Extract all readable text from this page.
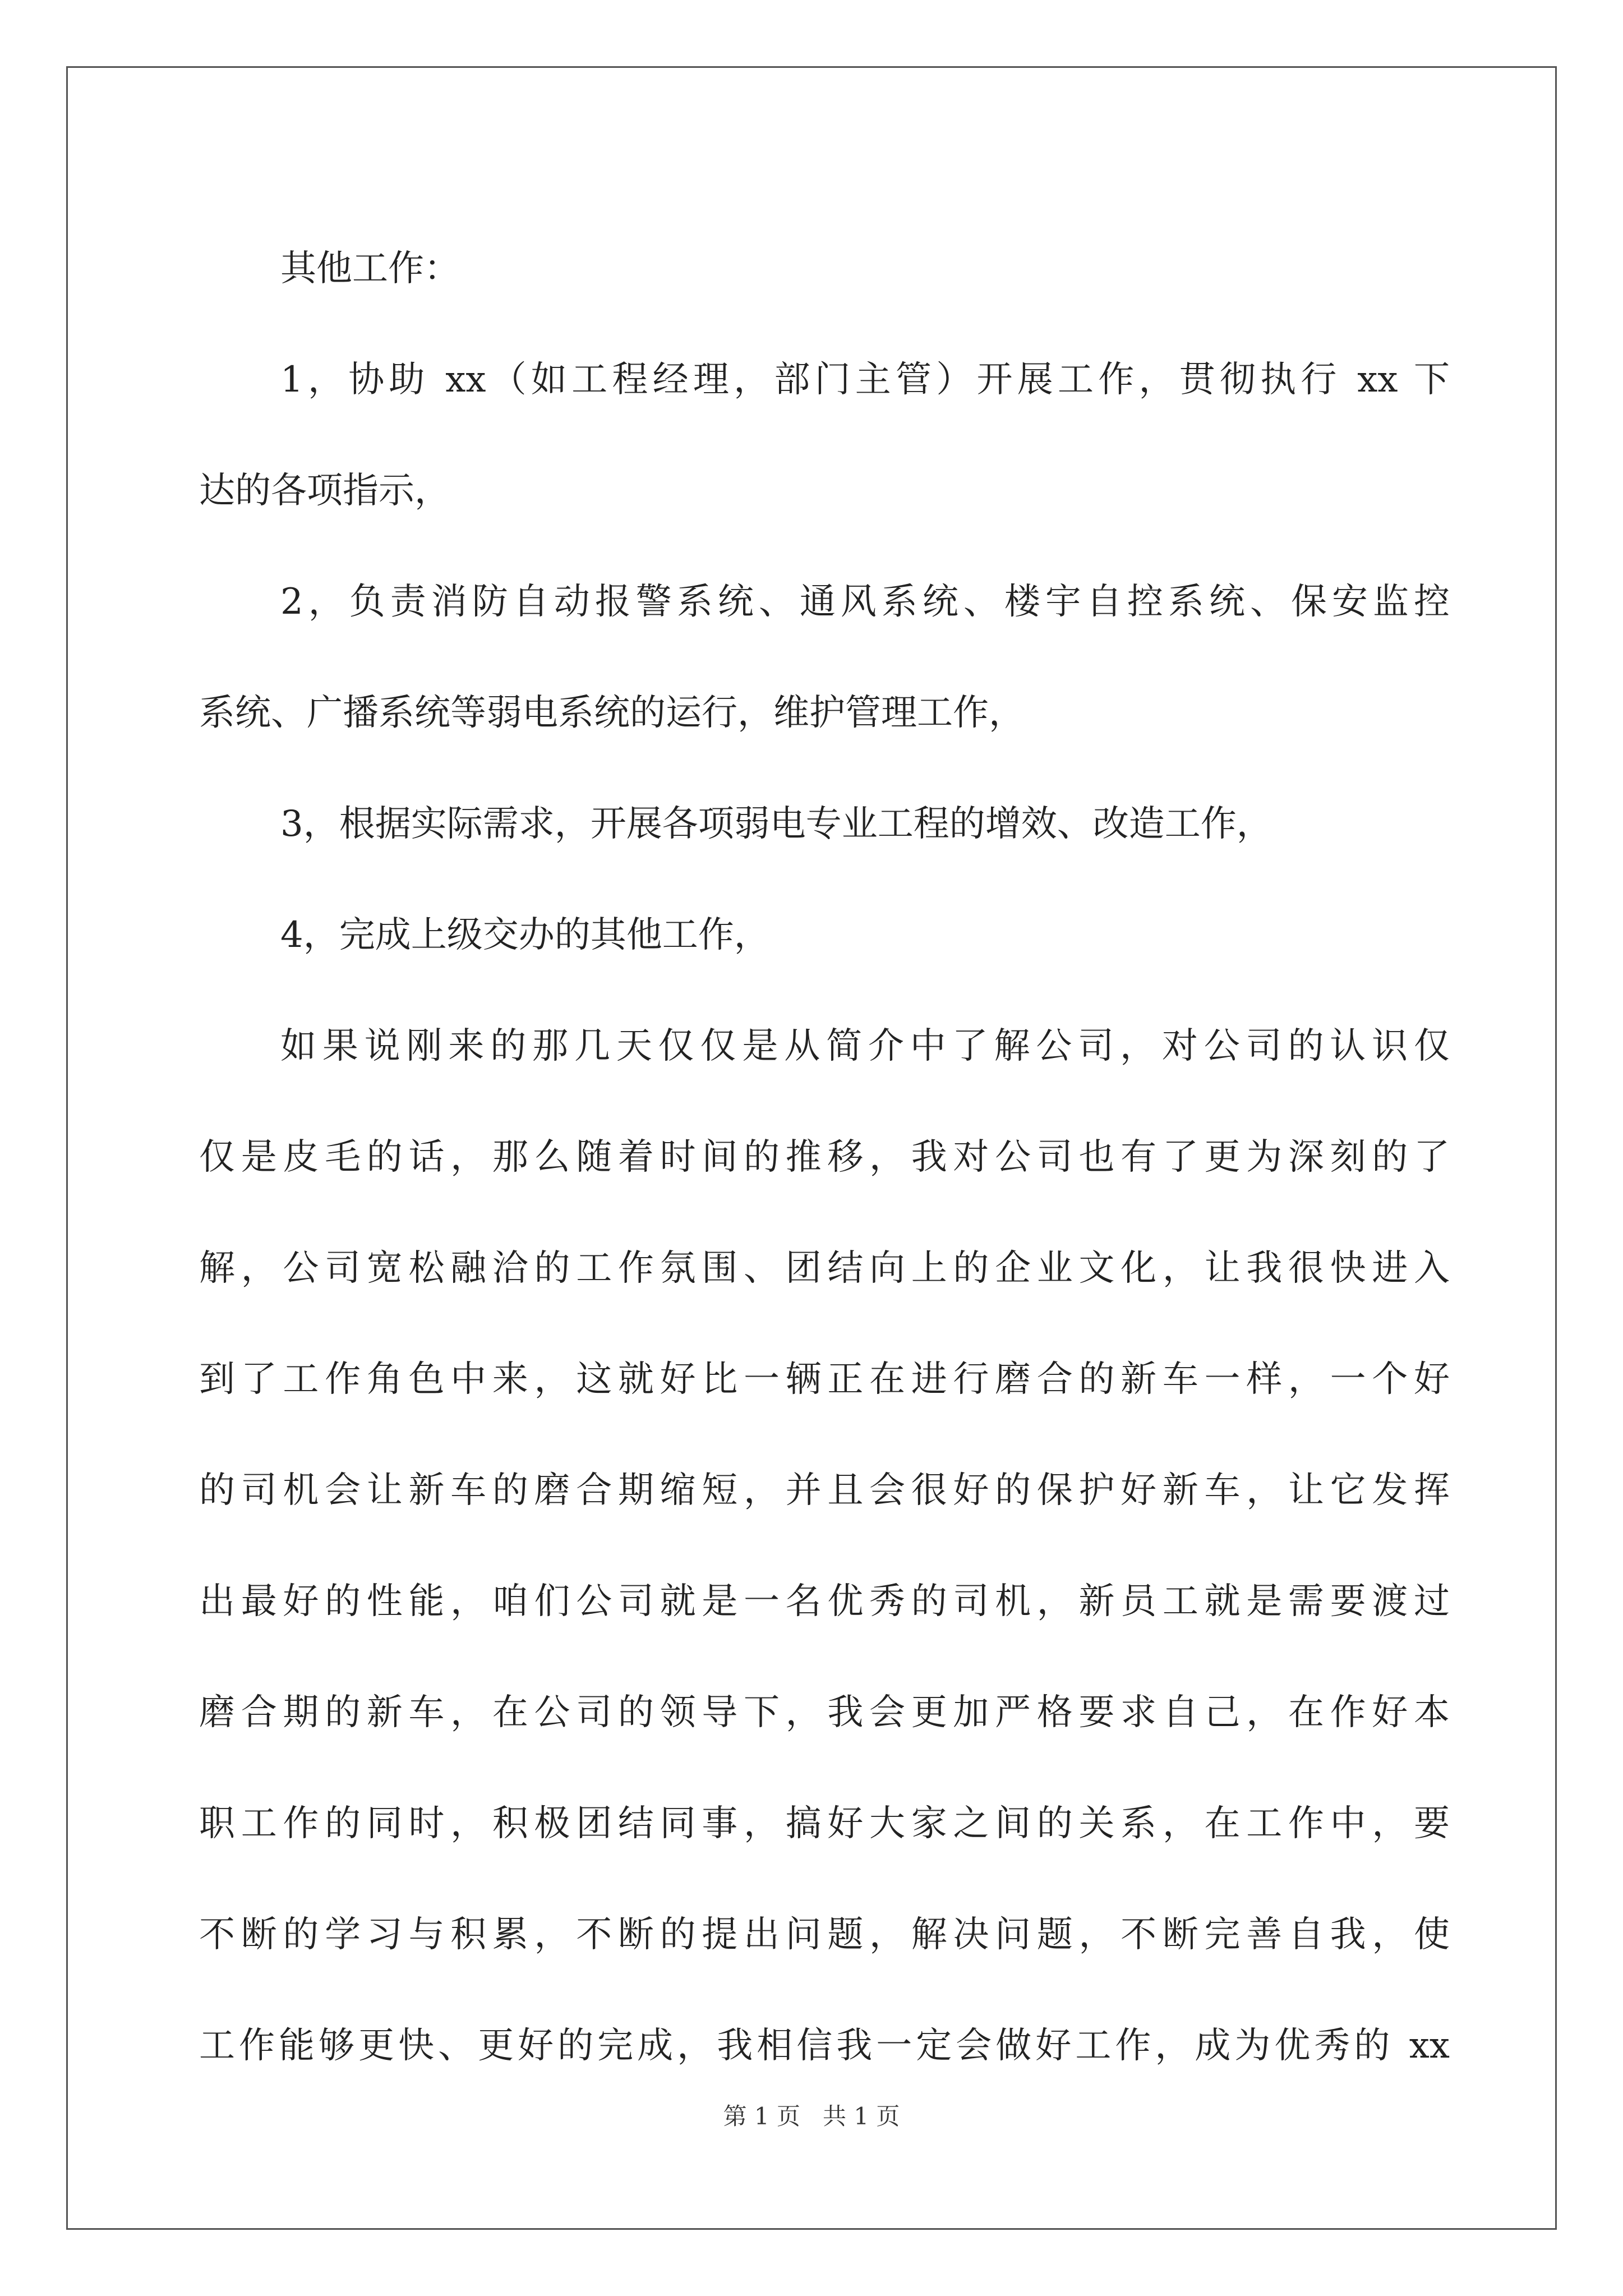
其他工作：
1，协助 xx（如工程经理，部门主管）开展工作，贯彻执行 xx 下
达的各项指示，
2，负责消防自动报警系统、通风系统、楼宇自控系统、保安监控
系统、广播系统等弱电系统的运行，维护管理工作，
3，根据实际需求，开展各项弱电专业工程的增效、改造工作，
4，完成上级交办的其他工作，
如果说刚来的那几天仅仅是从简介中了解公司，对公司的认识仅
仅是皮毛的话，那么随着时间的推移，我对公司也有了更为深刻的了
解，公司宽松融洽的工作氛围、团结向上的企业文化，让我很快进入
到了工作角色中来，这就好比一辆正在进行磨合的新车一样，一个好
的司机会让新车的磨合期缩短，并且会很好的保护好新车，让它发挥
出最好的性能，咱们公司就是一名优秀的司机，新员工就是需要渡过
磨合期的新车，在公司的领导下，我会更加严格要求自己，在作好本
职工作的同时，积极团结同事，搞好大家之间的关系，在工作中，要
不断的学习与积累，不断的提出问题，解决问题，不断完善自我，使
工作能够更快、更好的完成，我相信我一定会做好工作，成为优秀的 xx
第 1 页 共 1 页
